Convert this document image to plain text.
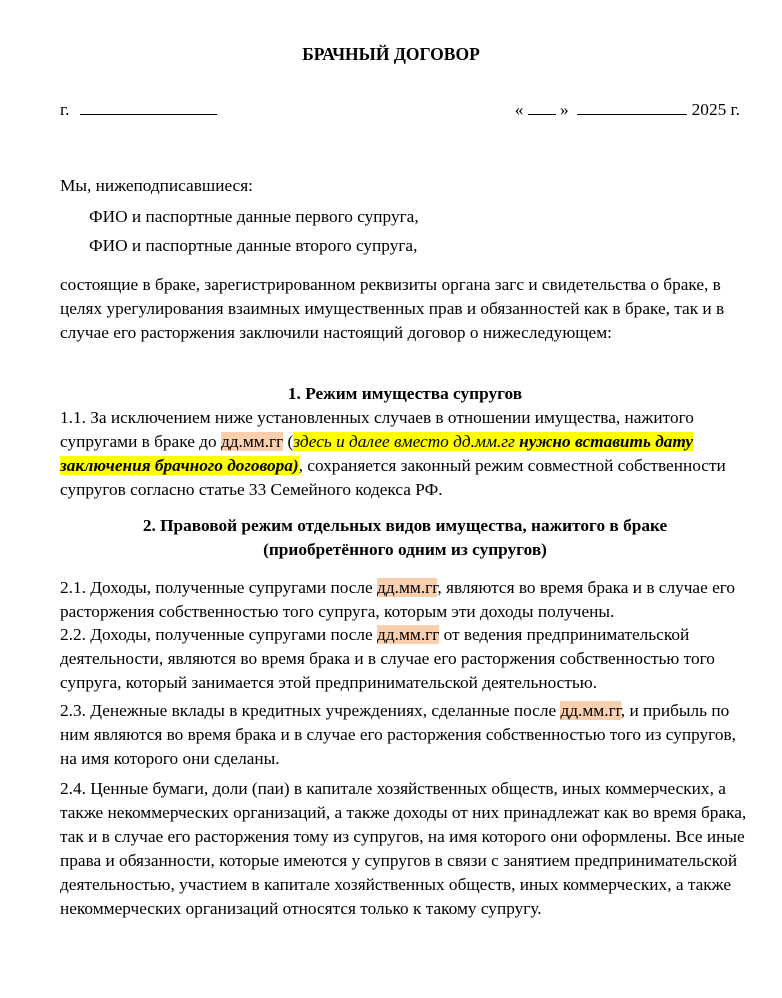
БРАЧНЫЙ ДОГОВОР
г.	« »	2025 г.

Мы, нижеподписавшиеся:

ФИО и паспортные данные первого супруга,

ФИО и паспортные данные второго супруга,

состоящие в браке, зарегистрированном реквизиты органа загс и свидетельства о браке, в целях урегулирования взаимных имущественных прав и обязанностей как в браке, так и в случае его расторжения заключили настоящий договор о нижеследующем:

1. Режим имущества супругов

1.1. За исключением ниже установленных случаев в отношении имущества, нажитого супругами в браке до дд.мм.гг (здесь и далее вместо дд.мм.гг нужно вставить дату заключения брачного договора), сохраняется законный режим совместной собственности супругов согласно статье 33 Семейного кодекса РФ.

2. Правовой режим отдельных видов имущества, нажитого в браке

(приобретённого одним из супругов)

2.1. Доходы, полученные супругами после дд.мм.гг, являются во время брака и в случае его расторжения собственностью того супруга, которым эти доходы получены.

2.2. Доходы, полученные супругами после дд.мм.гг от ведения предпринимательской деятельности, являются во время брака и в случае его расторжения собственностью того супруга, который занимается этой предпринимательской деятельностью.

2.3. Денежные вклады в кредитных учреждениях, сделанные после дд.мм.гг, и прибыль по ним являются во время брака и в случае его расторжения собственностью того из супругов, на имя которого они сделаны.

2.4. Ценные бумаги, доли (паи) в капитале хозяйственных обществ, иных коммерческих, а также некоммерческих организаций, а также доходы от них принадлежат как во время брака, так и в случае его расторжения тому из супругов, на имя которого они оформлены. Все иные права и обязанности, которые имеются у супругов в связи с занятием предпринимательской деятельностью, участием в капитале хозяйственных обществ, иных коммерческих, а также некоммерческих организаций относятся только к такому супругу.
